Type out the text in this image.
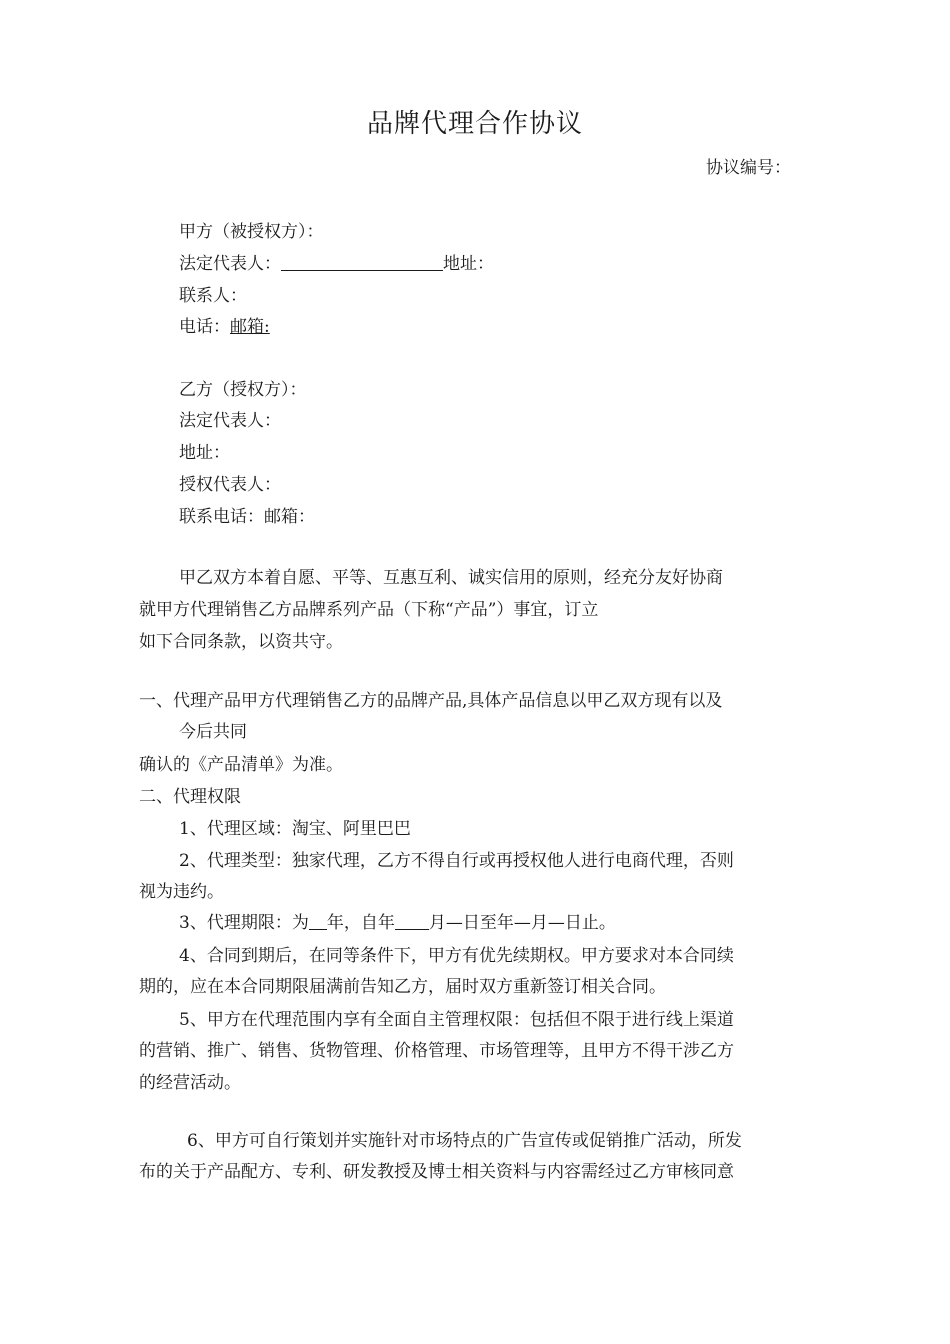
品牌代理合作协议
协议编号：
甲方（被授权方）：
法定代表人：	地址：
联系人：
电话：邮箱:
乙方（授权方）：
法定代表人：
地址：
授权代表人：
联系电话：邮箱：
甲乙双方本着自愿、平等、互惠互利、诚实信用的原则，经充分友好协商
就甲方代理销售乙方品牌系列产品（下称“产品”）事宜，订立
如下合同条款，以资共守。
一、代理产品甲方代理销售乙方的品牌产品,具体产品信息以甲乙双方现有以及
今后共同
确认的《产品清单》为准。
二、代理权限
1、代理区域：淘宝、阿里巴巴
2、代理类型：独家代理，乙方不得自行或再授权他人进行电商代理，否则
视为违约。
3、代理期限：为 年，自年 月—日至年—月—日止。
4、合同到期后，在同等条件下，甲方有优先续期权。甲方要求对本合同续
期的，应在本合同期限届满前告知乙方，届时双方重新签订相关合同。
5、甲方在代理范围内享有全面自主管理权限：包括但不限于进行线上渠道
的营销、推广、销售、货物管理、价格管理、市场管理等，且甲方不得干涉乙方
的经营活动。
6、甲方可自行策划并实施针对市场特点的广告宣传或促销推广活动，所发
布的关于产品配方、专利、研发教授及博士相关资料与内容需经过乙方审核同意
